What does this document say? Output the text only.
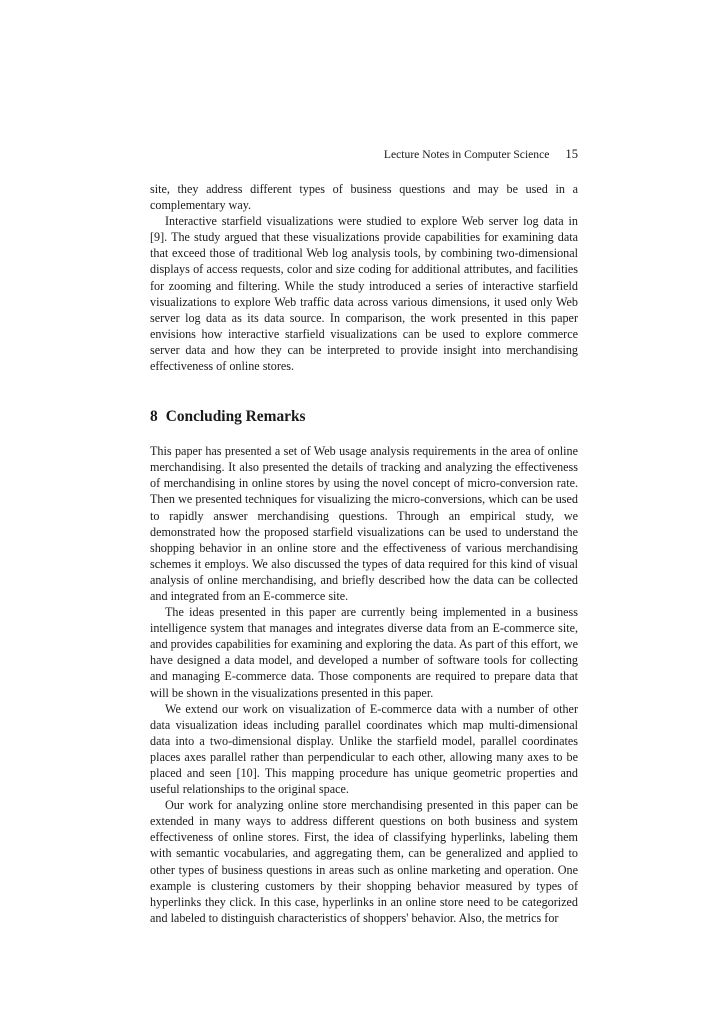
Lecture Notes in Computer Science 15

site, they address different types of business questions and may be used in a complementary way.

Interactive starfield visualizations were studied to explore Web server log data in [9]. The study argued that these visualizations provide capabilities for examining data that exceed those of traditional Web log analysis tools, by combining two-dimensional displays of access requests, color and size coding for additional attributes, and facilities for zooming and filtering. While the study introduced a series of interactive starfield visualizations to explore Web traffic data across various dimensions, it used only Web server log data as its data source. In comparison, the work presented in this paper envisions how interactive starfield visualizations can be used to explore commerce server data and how they can be interpreted to provide insight into merchandising effectiveness of online stores.

8 Concluding Remarks

This paper has presented a set of Web usage analysis requirements in the area of online merchandising. It also presented the details of tracking and analyzing the effectiveness of merchandising in online stores by using the novel concept of micro-conversion rate. Then we presented techniques for visualizing the micro-conversions, which can be used to rapidly answer merchandising questions. Through an empirical study, we demonstrated how the proposed starfield visualizations can be used to understand the shopping behavior in an online store and the effectiveness of various merchandising schemes it employs. We also discussed the types of data required for this kind of visual analysis of online merchandising, and briefly described how the data can be collected and integrated from an E-commerce site.

The ideas presented in this paper are currently being implemented in a business intelligence system that manages and integrates diverse data from an E-commerce site, and provides capabilities for examining and exploring the data. As part of this effort, we have designed a data model, and developed a number of software tools for collecting and managing E-commerce data. Those components are required to prepare data that will be shown in the visualizations presented in this paper.

We extend our work on visualization of E-commerce data with a number of other data visualization ideas including parallel coordinates which map multi-dimensional data into a two-dimensional display. Unlike the starfield model, parallel coordinates places axes parallel rather than perpendicular to each other, allowing many axes to be placed and seen [10]. This mapping procedure has unique geometric properties and useful relationships to the original space.

Our work for analyzing online store merchandising presented in this paper can be extended in many ways to address different questions on both business and system effectiveness of online stores. First, the idea of classifying hyperlinks, labeling them with semantic vocabularies, and aggregating them, can be generalized and applied to other types of business questions in areas such as online marketing and operation. One example is clustering customers by their shopping behavior measured by types of hyperlinks they click. In this case, hyperlinks in an online store need to be categorized and labeled to distinguish characteristics of shoppers' behavior. Also, the metrics for
